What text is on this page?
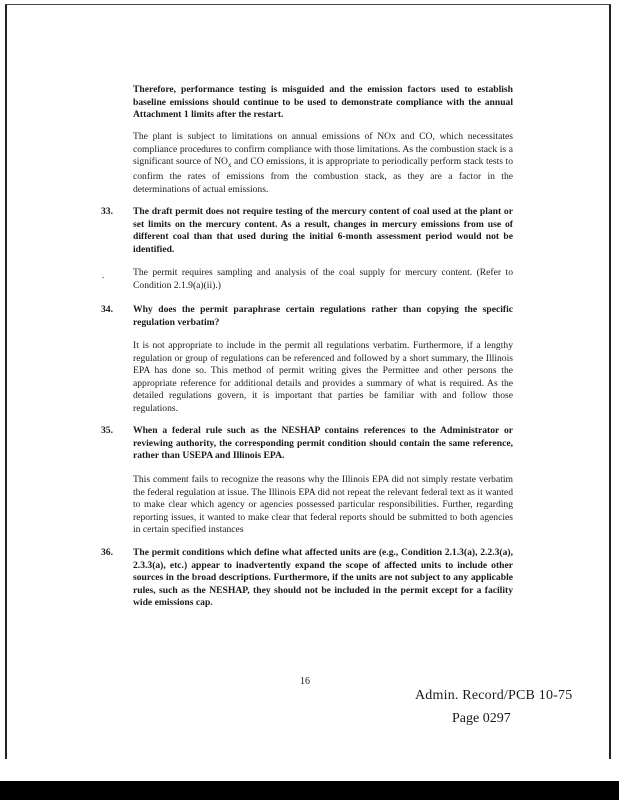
Therefore, performance testing is misguided and the emission factors used to establish baseline emissions should continue to be used to demonstrate compliance with the annual Attachment 1 limits after the restart.

The plant is subject to limitations on annual emissions of NOx and CO, which necessitates compliance procedures to confirm compliance with those limitations. As the combustion stack is a significant source of $NO_x$ and CO emissions, it is appropriate to periodically perform stack tests to confirm the rates of emissions from the combustion stack, as they are a factor in the determinations of actual emissions.

33. The draft permit does not require testing of the mercury content of coal used at the plant or set limits on the mercury content. As a result, changes in mercury emissions from use of different coal than that used during the initial 6-month assessment period would not be identified.

.	The permit requires sampling and analysis of the coal supply for mercury content. (Refer to Condition 2.1.9(a)(ii).)

34. Why does the permit paraphrase certain regulations rather than copying the specific regulation verbatim?

It is not appropriate to include in the permit all regulations verbatim. Furthermore, if a lengthy regulation or group of regulations can be referenced and followed by a short summary, the Illinois EPA has done so. This method of permit writing gives the Permittee and other persons the appropriate reference for additional details and provides a summary of what is required. As the detailed regulations govern, it is important that parties be familiar with and follow those regulations.

35. When a federal rule such as the NESHAP contains references to the Administrator or reviewing authority, the corresponding permit condition should contain the same reference, rather than USEPA and Illinois EPA.

This comment fails to recognize the reasons why the Illinois EPA did not simply restate verbatim the federal regulation at issue. The Illinois EPA did not repeat the relevant federal text as it wanted to make clear which agency or agencies possessed particular responsibilities. Further, regarding reporting issues, it wanted to make clear that federal reports should be submitted to both agencies in certain specified instances

36. The permit conditions which define what affected units are (e.g., Condition 2.1.3(a), 2.2.3(a), 2.3.3(a), etc.) appear to inadvertently expand the scope of affected units to include other sources in the broad descriptions. Furthermore, if the units are not subject to any applicable rules, such as the NESHAP, they should not be included in the permit except for a facility wide emissions cap.

16
Admin. Record/PCB 10-75
Page 0297
